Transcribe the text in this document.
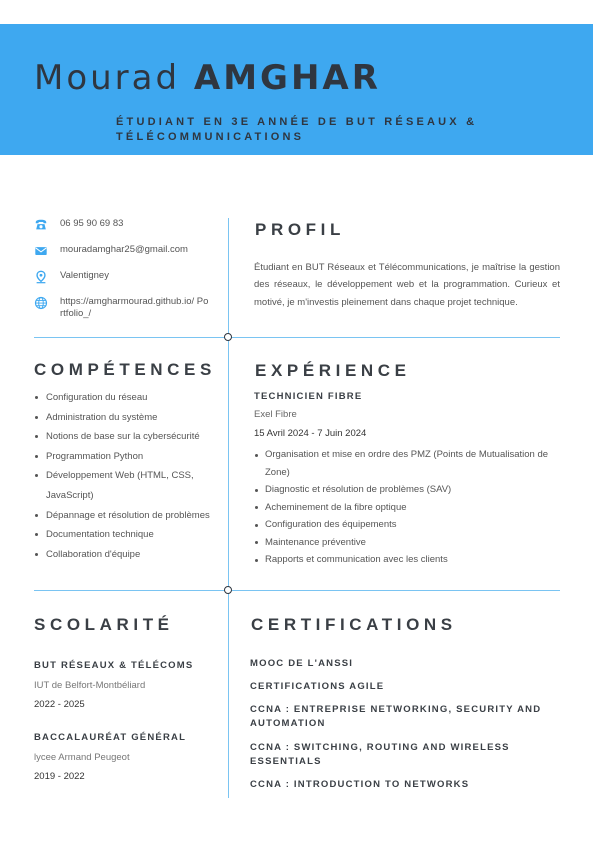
Mourad AMGHAR
ÉTUDIANT EN 3E ANNÉE DE BUT RÉSEAUX & TÉLÉCOMMUNICATIONS
06 95 90 69 83
mouradamghar25@gmail.com
Valentigney
https://amgharmourad.github.io/ Portfolio_/
PROFIL
Étudiant en BUT Réseaux et Télécommunications, je maîtrise la gestion des réseaux, le développement web et la programmation. Curieux et motivé, je m'investis pleinement dans chaque projet technique.
COMPÉTENCES
Configuration du réseau
Administration du système
Notions de base sur la cybersécurité
Programmation Python
Développement Web (HTML, CSS, JavaScript)
Dépannage et résolution de problèmes
Documentation technique
Collaboration d'équipe
EXPÉRIENCE
TECHNICIEN FIBRE
Exel Fibre
15 Avril 2024 - 7 Juin 2024
Organisation et mise en ordre des PMZ (Points de Mutualisation de Zone)
Diagnostic et résolution de problèmes (SAV)
Acheminement de la fibre optique
Configuration des équipements
Maintenance préventive
Rapports et communication avec les clients
SCOLARITÉ
BUT RÉSEAUX & TÉLÉCOMS
IUT de Belfort-Montbéliard
2022 - 2025
BACCALAURÉAT GÉNÉRAL
lycee Armand Peugeot
2019 - 2022
CERTIFICATIONS
MOOC DE L'ANSSI
CERTIFICATIONS AGILE
CCNA : ENTREPRISE NETWORKING, SECURITY AND AUTOMATION
CCNA : SWITCHING, ROUTING AND WIRELESS ESSENTIALS
CCNA : INTRODUCTION TO NETWORKS
